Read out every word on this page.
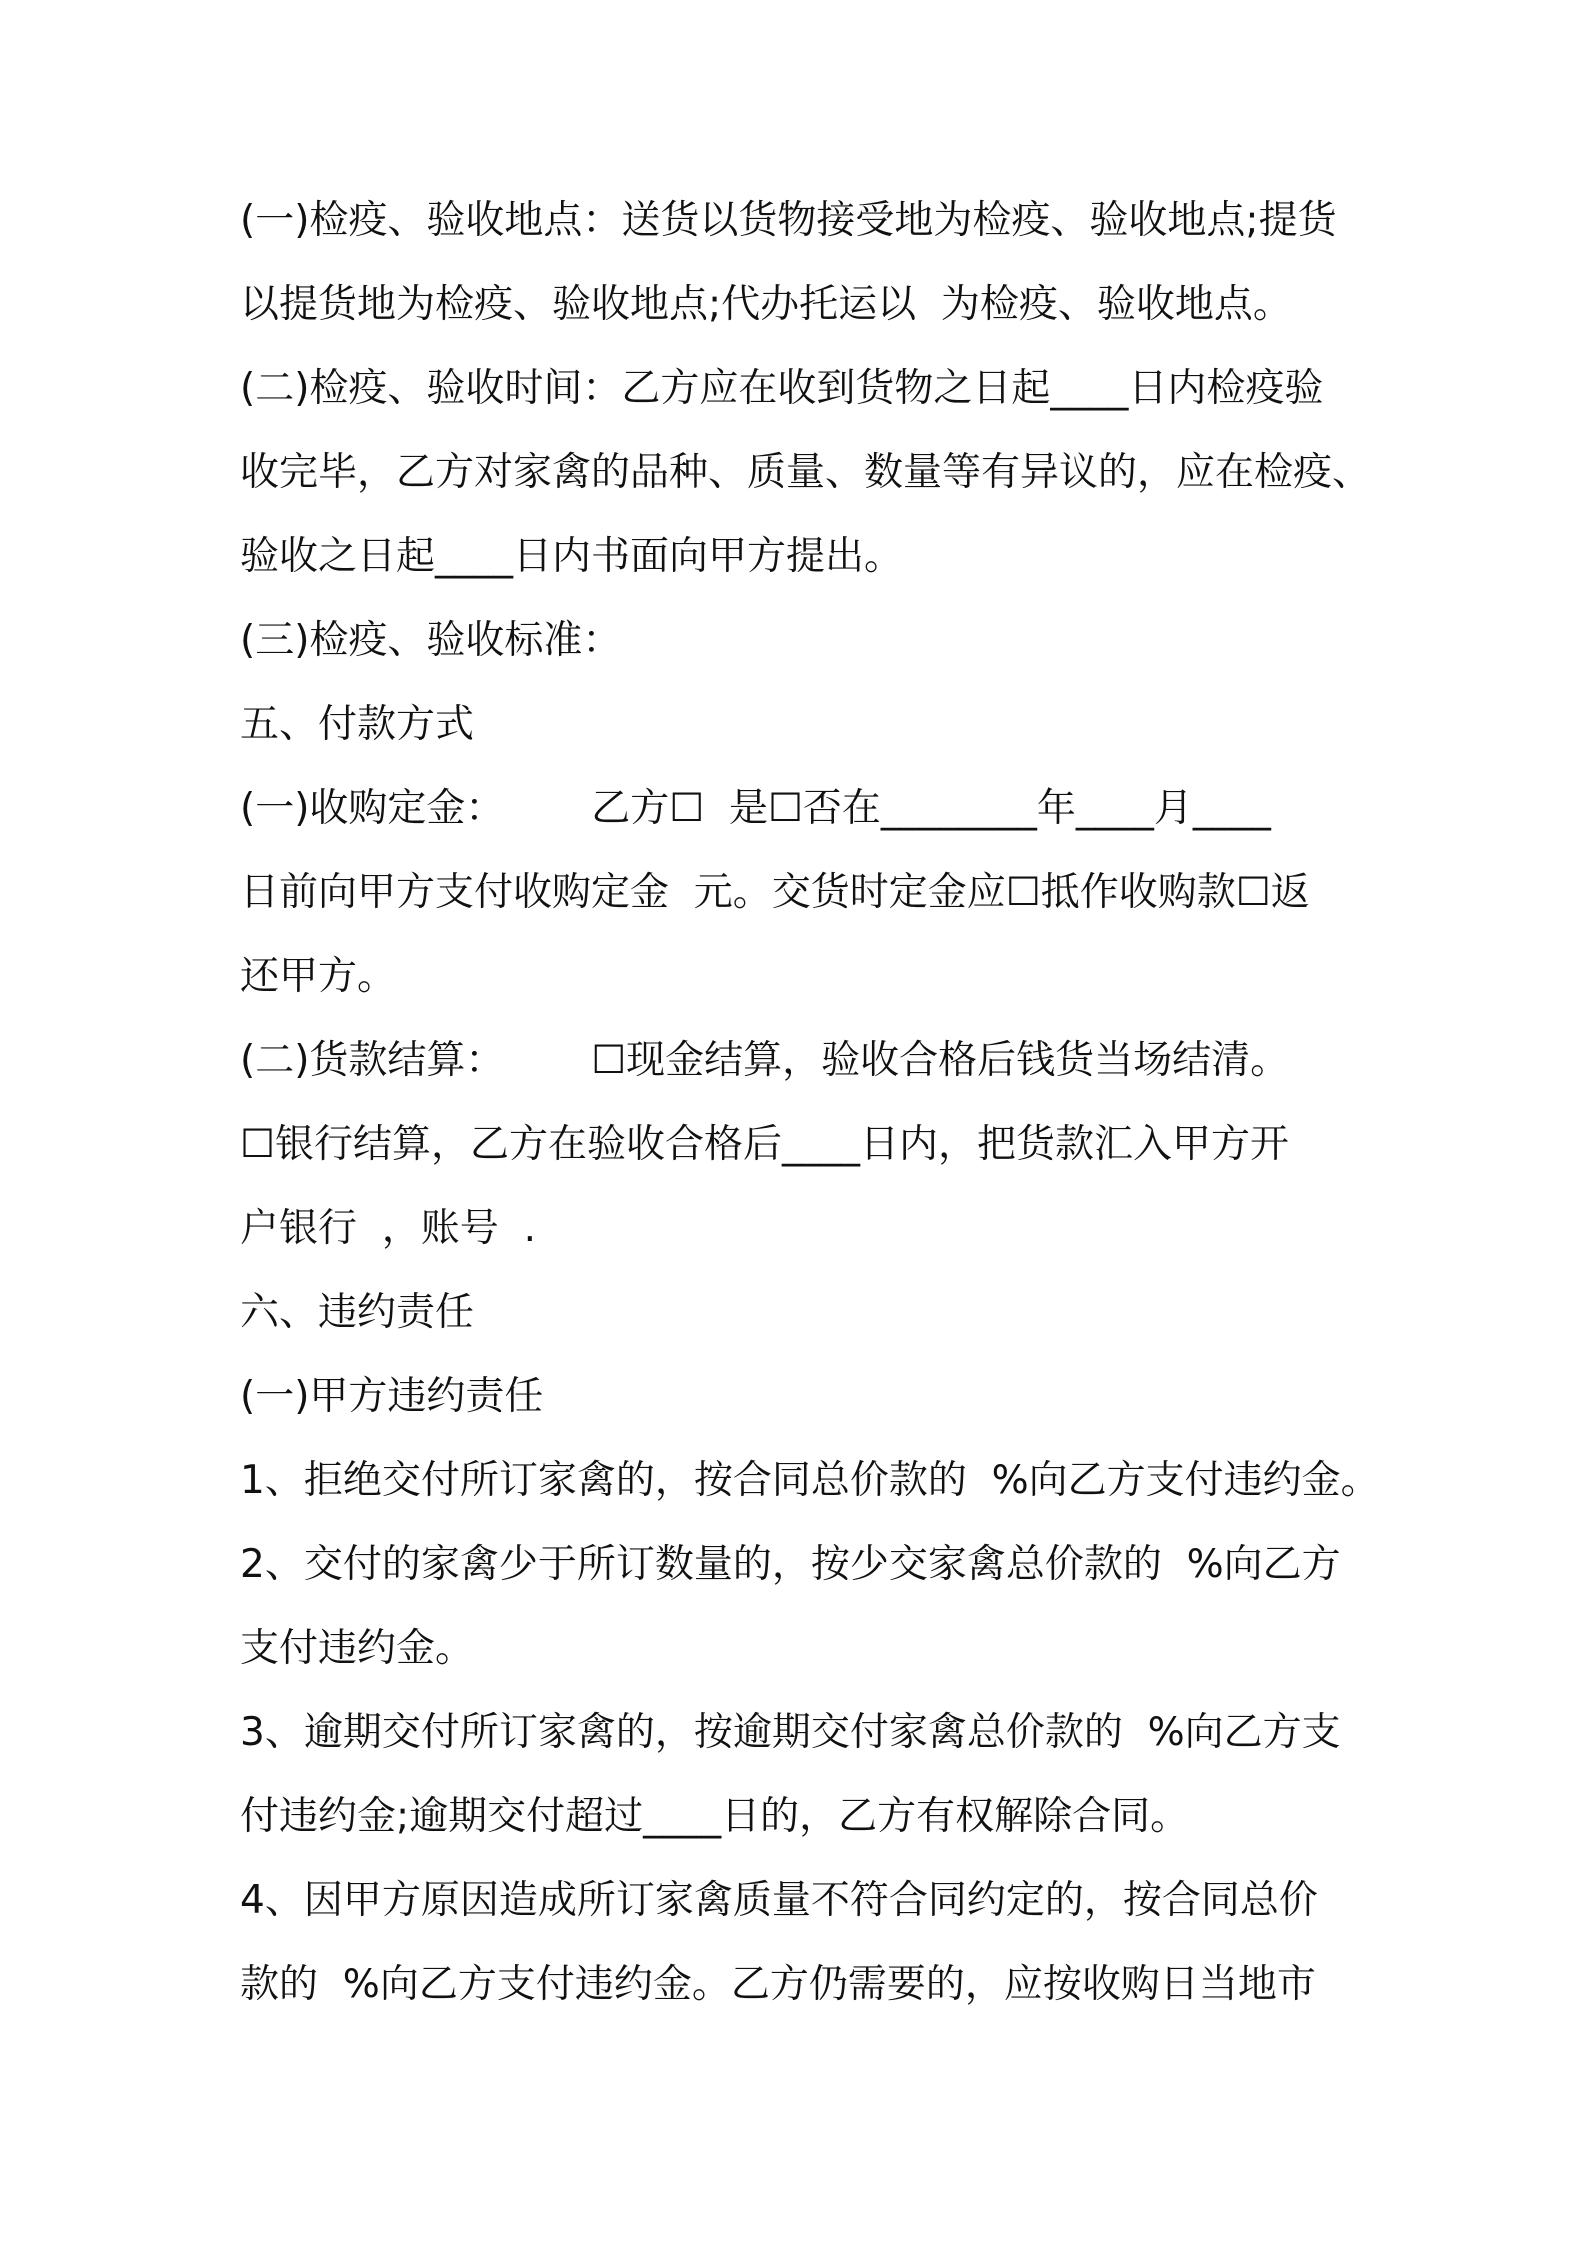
(一)检疫、验收地点：送货以货物接受地为检疫、验收地点;提货
以提货地为检疫、验收地点;代办托运以  为检疫、验收地点。
(二)检疫、验收时间：乙方应在收到货物之日起____日内检疫验
收完毕，乙方对家禽的品种、质量、数量等有异议的，应在检疫、
验收之日起____日内书面向甲方提出。
(三)检疫、验收标准：
五、付款方式
(一)收购定金：       乙方☐  是☐否在________年____月____
日前向甲方支付收购定金  元。交货时定金应☐抵作收购款☐返
还甲方。
(二)货款结算：       ☐现金结算，验收合格后钱货当场结清。
☐银行结算，乙方在验收合格后____日内，把货款汇入甲方开
户银行  ，账号  .
六、违约责任
(一)甲方违约责任
1、拒绝交付所订家禽的，按合同总价款的  %向乙方支付违约金。
2、交付的家禽少于所订数量的，按少交家禽总价款的  %向乙方
支付违约金。
3、逾期交付所订家禽的，按逾期交付家禽总价款的  %向乙方支
付违约金;逾期交付超过____日的，乙方有权解除合同。
4、因甲方原因造成所订家禽质量不符合同约定的，按合同总价
款的  %向乙方支付违约金。乙方仍需要的，应按收购日当地市
